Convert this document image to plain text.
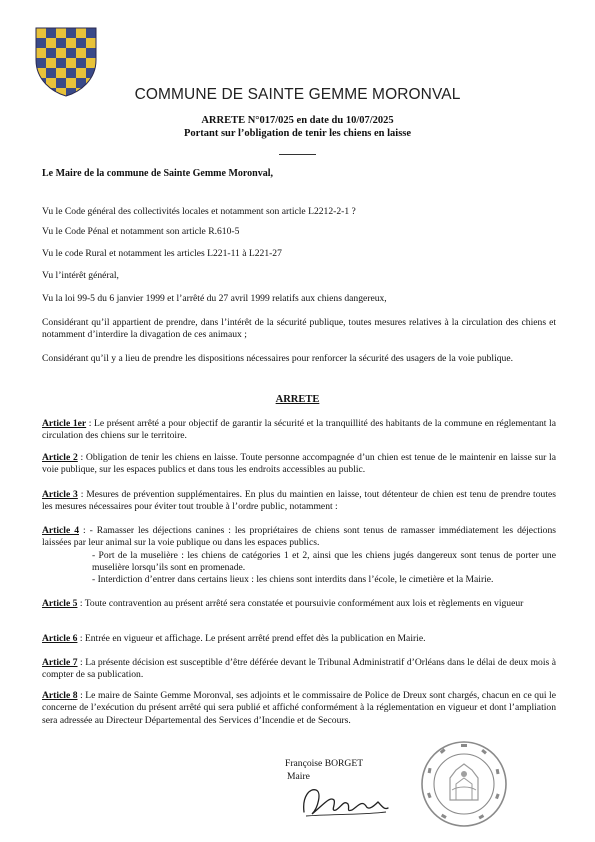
COMMUNE DE SAINTE GEMME MORONVAL
ARRETE N°017/025 en date du 10/07/2025
Portant sur l’obligation de tenir les chiens en laisse

Le Maire de la commune de Sainte Gemme Moronval,

Vu le Code général des collectivités locales et notamment son article L2212-2-1 ?

Vu le Code Pénal et notamment son article R.610-5

Vu le code Rural et notamment les articles L221-11 à L221-27

Vu l’intérêt général,

Vu la loi 99-5 du 6 janvier 1999 et l’arrêté du 27 avril 1999 relatifs aux chiens dangereux,

Considérant qu’il appartient de prendre, dans l’intérêt de la sécurité publique, toutes mesures relatives à la circulation des chiens et notamment d’interdire la divagation de ces animaux ;

Considérant qu’il y a lieu de prendre les dispositions nécessaires pour renforcer la sécurité des usagers de la voie publique.

ARRETE

Article 1er : Le présent arrêté a pour objectif de garantir la sécurité et la tranquillité des habitants de la commune en réglementant la circulation des chiens sur le territoire.

Article 2 : Obligation de tenir les chiens en laisse. Toute personne accompagnée d’un chien est tenue de le maintenir en laisse sur la voie publique, sur les espaces publics et dans tous les endroits accessibles au public.

Article 3 : Mesures de prévention supplémentaires. En plus du maintien en laisse, tout détenteur de chien est tenu de prendre toutes les mesures nécessaires pour éviter tout trouble à l’ordre public, notamment :

Article 4 : - Ramasser les déjections canines : les propriétaires de chiens sont tenus de ramasser immédiatement les déjections laissées par leur animal sur la voie publique ou dans les espaces publics.
- Port de la muselière : les chiens de catégories 1 et 2, ainsi que les chiens jugés dangereux sont tenus de porter une muselière lorsqu’ils sont en promenade.
- Interdiction d’entrer dans certains lieux : les chiens sont interdits dans l’école, le cimetière et la Mairie.

Article 5 : Toute contravention au présent arrêté sera constatée et poursuivie conformément aux lois et règlements en vigueur

Article 6 : Entrée en vigueur et affichage. Le présent arrêté prend effet dès la publication en Mairie.

Article 7 : La présente décision est susceptible d’être déférée devant le Tribunal Administratif d’Orléans dans le délai de deux mois à compter de sa publication.

Article 8 : Le maire de Sainte Gemme Moronval, ses adjoints et le commissaire de Police de Dreux sont chargés, chacun en ce qui le concerne de l’exécution du présent arrêté qui sera publié et affiché conformément à la réglementation en vigueur et dont l’ampliation sera adressée au Directeur Départemental des Services d’Incendie et de Secours.

Françoise BORGET
Maire
